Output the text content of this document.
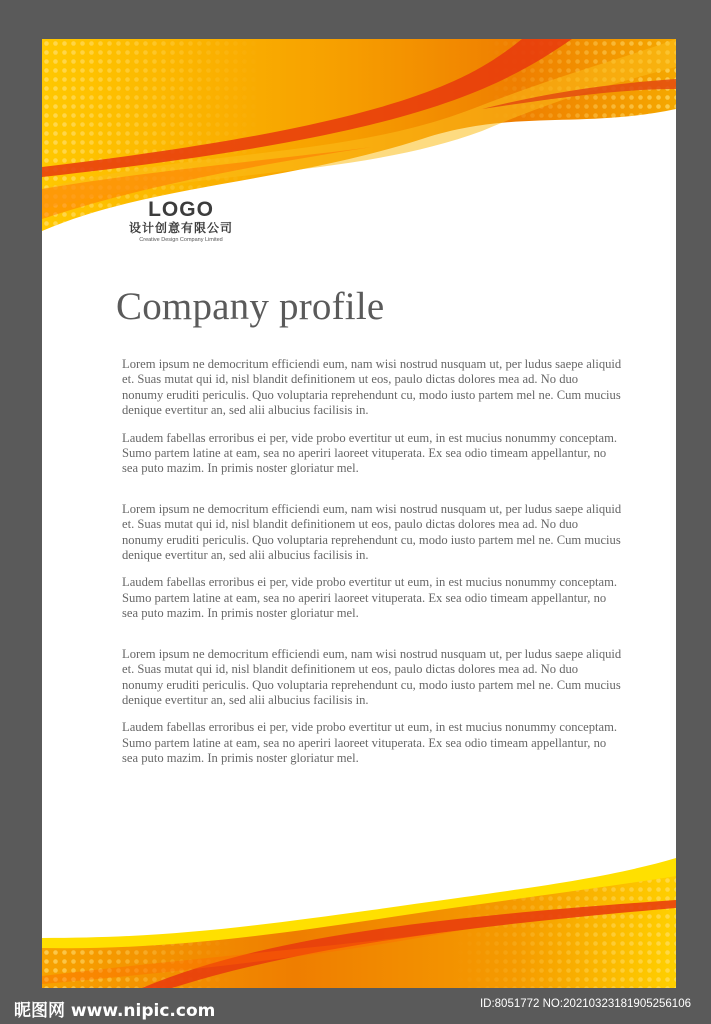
LOGO
设计创意有限公司
Creative Design Company Limited
Company profile

Lorem ipsum ne democritum efficiendi eum, nam wisi nostrud nusquam ut, per ludus saepe aliquid et. Suas mutat qui id, nisl blandit definitionem ut eos, paulo dictas dolores mea ad. No duo nonumy eruditi periculis. Quo voluptaria reprehendunt cu, modo iusto partem mel ne. Cum mucius denique evertitur an, sed alii albucius facilisis in.

Laudem fabellas erroribus ei per, vide probo evertitur ut eum, in est mucius nonummy conceptam. Sumo partem latine at eam, sea no aperiri laoreet vituperata. Ex sea odio timeam appellantur, no sea puto mazim. In primis noster gloriatur mel.

Lorem ipsum ne democritum efficiendi eum, nam wisi nostrud nusquam ut, per ludus saepe aliquid et. Suas mutat qui id, nisl blandit definitionem ut eos, paulo dictas dolores mea ad. No duo nonumy eruditi periculis. Quo voluptaria reprehendunt cu, modo iusto partem mel ne. Cum mucius denique evertitur an, sed alii albucius facilisis in.

Laudem fabellas erroribus ei per, vide probo evertitur ut eum, in est mucius nonummy conceptam. Sumo partem latine at eam, sea no aperiri laoreet vituperata. Ex sea odio timeam appellantur, no sea puto mazim. In primis noster gloriatur mel.

Lorem ipsum ne democritum efficiendi eum, nam wisi nostrud nusquam ut, per ludus saepe aliquid et. Suas mutat qui id, nisl blandit definitionem ut eos, paulo dictas dolores mea ad. No duo nonumy eruditi periculis. Quo voluptaria reprehendunt cu, modo iusto partem mel ne. Cum mucius denique evertitur an, sed alii albucius facilisis in.

Laudem fabellas erroribus ei per, vide probo evertitur ut eum, in est mucius nonummy conceptam. Sumo partem latine at eam, sea no aperiri laoreet vituperata. Ex sea odio timeam appellantur, no sea puto mazim. In primis noster gloriatur mel.

昵图网 www.nipic.com	ID:8051772 NO:20210323181905256106
